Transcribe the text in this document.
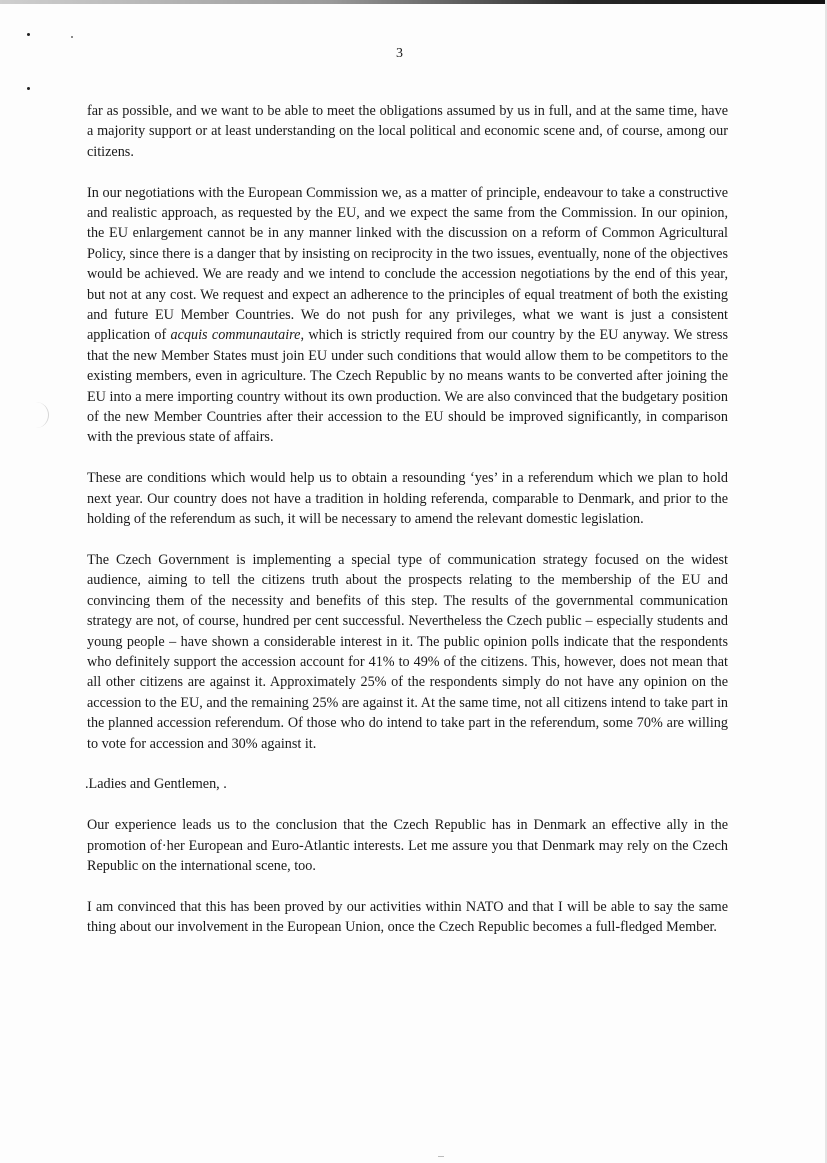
3

far as possible, and we want to be able to meet the obligations assumed by us in full, and at the same time, have a majority support or at least understanding on the local political and economic scene and, of course, among our citizens.

In our negotiations with the European Commission we, as a matter of principle, endeavour to take a constructive and realistic approach, as requested by the EU, and we expect the same from the Commission. In our opinion, the EU enlargement cannot be in any manner linked with the discussion on a reform of Common Agricultural Policy, since there is a danger that by insisting on reciprocity in the two issues, eventually, none of the objectives would be achieved. We are ready and we intend to conclude the accession negotiations by the end of this year, but not at any cost. We request and expect an adherence to the principles of equal treatment of both the existing and future EU Member Countries. We do not push for any privileges, what we want is just a consistent application of acquis communautaire, which is strictly required from our country by the EU anyway. We stress that the new Member States must join EU under such conditions that would allow them to be competitors to the existing members, even in agriculture. The Czech Republic by no means wants to be converted after joining the EU into a mere importing country without its own production. We are also convinced that the budgetary position of the new Member Countries after their accession to the EU should be improved significantly, in comparison with the previous state of affairs.

These are conditions which would help us to obtain a resounding ‘yes’ in a referendum which we plan to hold next year. Our country does not have a tradition in holding referenda, comparable to Denmark, and prior to the holding of the referendum as such, it will be necessary to amend the relevant domestic legislation.

The Czech Government is implementing a special type of communication strategy focused on the widest audience, aiming to tell the citizens truth about the prospects relating to the membership of the EU and convincing them of the necessity and benefits of this step. The results of the governmental communication strategy are not, of course, hundred per cent successful. Nevertheless the Czech public – especially students and young people – have shown a considerable interest in it. The public opinion polls indicate that the respondents who definitely support the accession account for 41% to 49% of the citizens. This, however, does not mean that all other citizens are against it. Approximately 25% of the respondents simply do not have any opinion on the accession to the EU, and the remaining 25% are against it. At the same time, not all citizens intend to take part in the planned accession referendum. Of those who do intend to take part in the referendum, some 70% are willing to vote for accession and 30% against it.

.Ladies and Gentlemen, .

Our experience leads us to the conclusion that the Czech Republic has in Denmark an effective ally in the promotion of·her European and Euro-Atlantic interests. Let me assure you that Denmark may rely on the Czech Republic on the international scene, too.

I am convinced that this has been proved by our activities within NATO and that I will be able to say the same thing about our involvement in the European Union, once the Czech Republic becomes a full-fledged Member.
